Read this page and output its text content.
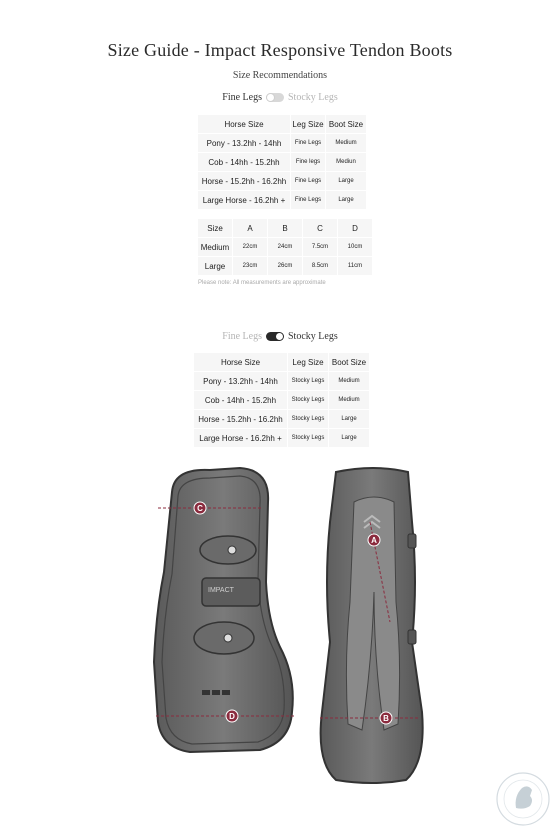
Size Guide - Impact Responsive Tendon Boots
Size Recommendations
Fine Legs	Stocky Legs
Horse Size	Leg Size	Boot Size
Pony - 13.2hh - 14hh	Fine Legs	Medium
Cob - 14hh - 15.2hh	Fine legs	Mediun
Horse - 15.2hh - 16.2hh	Fine Legs	Large
Large Horse - 16.2hh +	Fine Legs	Large
Size	A	B	C	D
Medium	22cm	24cm	7.5cm	10cm
Large	23cm	26cm	8.5cm	11cm
Please note: All measurements are approximate
Fine Legs	Stocky Legs
Horse Size	Leg Size	Boot Size
Pony - 13.2hh - 14hh	Stocky Legs	Medium
Cob - 14hh - 15.2hh	Stocky Legs	Medium
Horse - 15.2hh - 16.2hh	Stocky Legs	Large
Large Horse - 16.2hh +	Stocky Legs	Large
IMPACT
C
D
A
B
